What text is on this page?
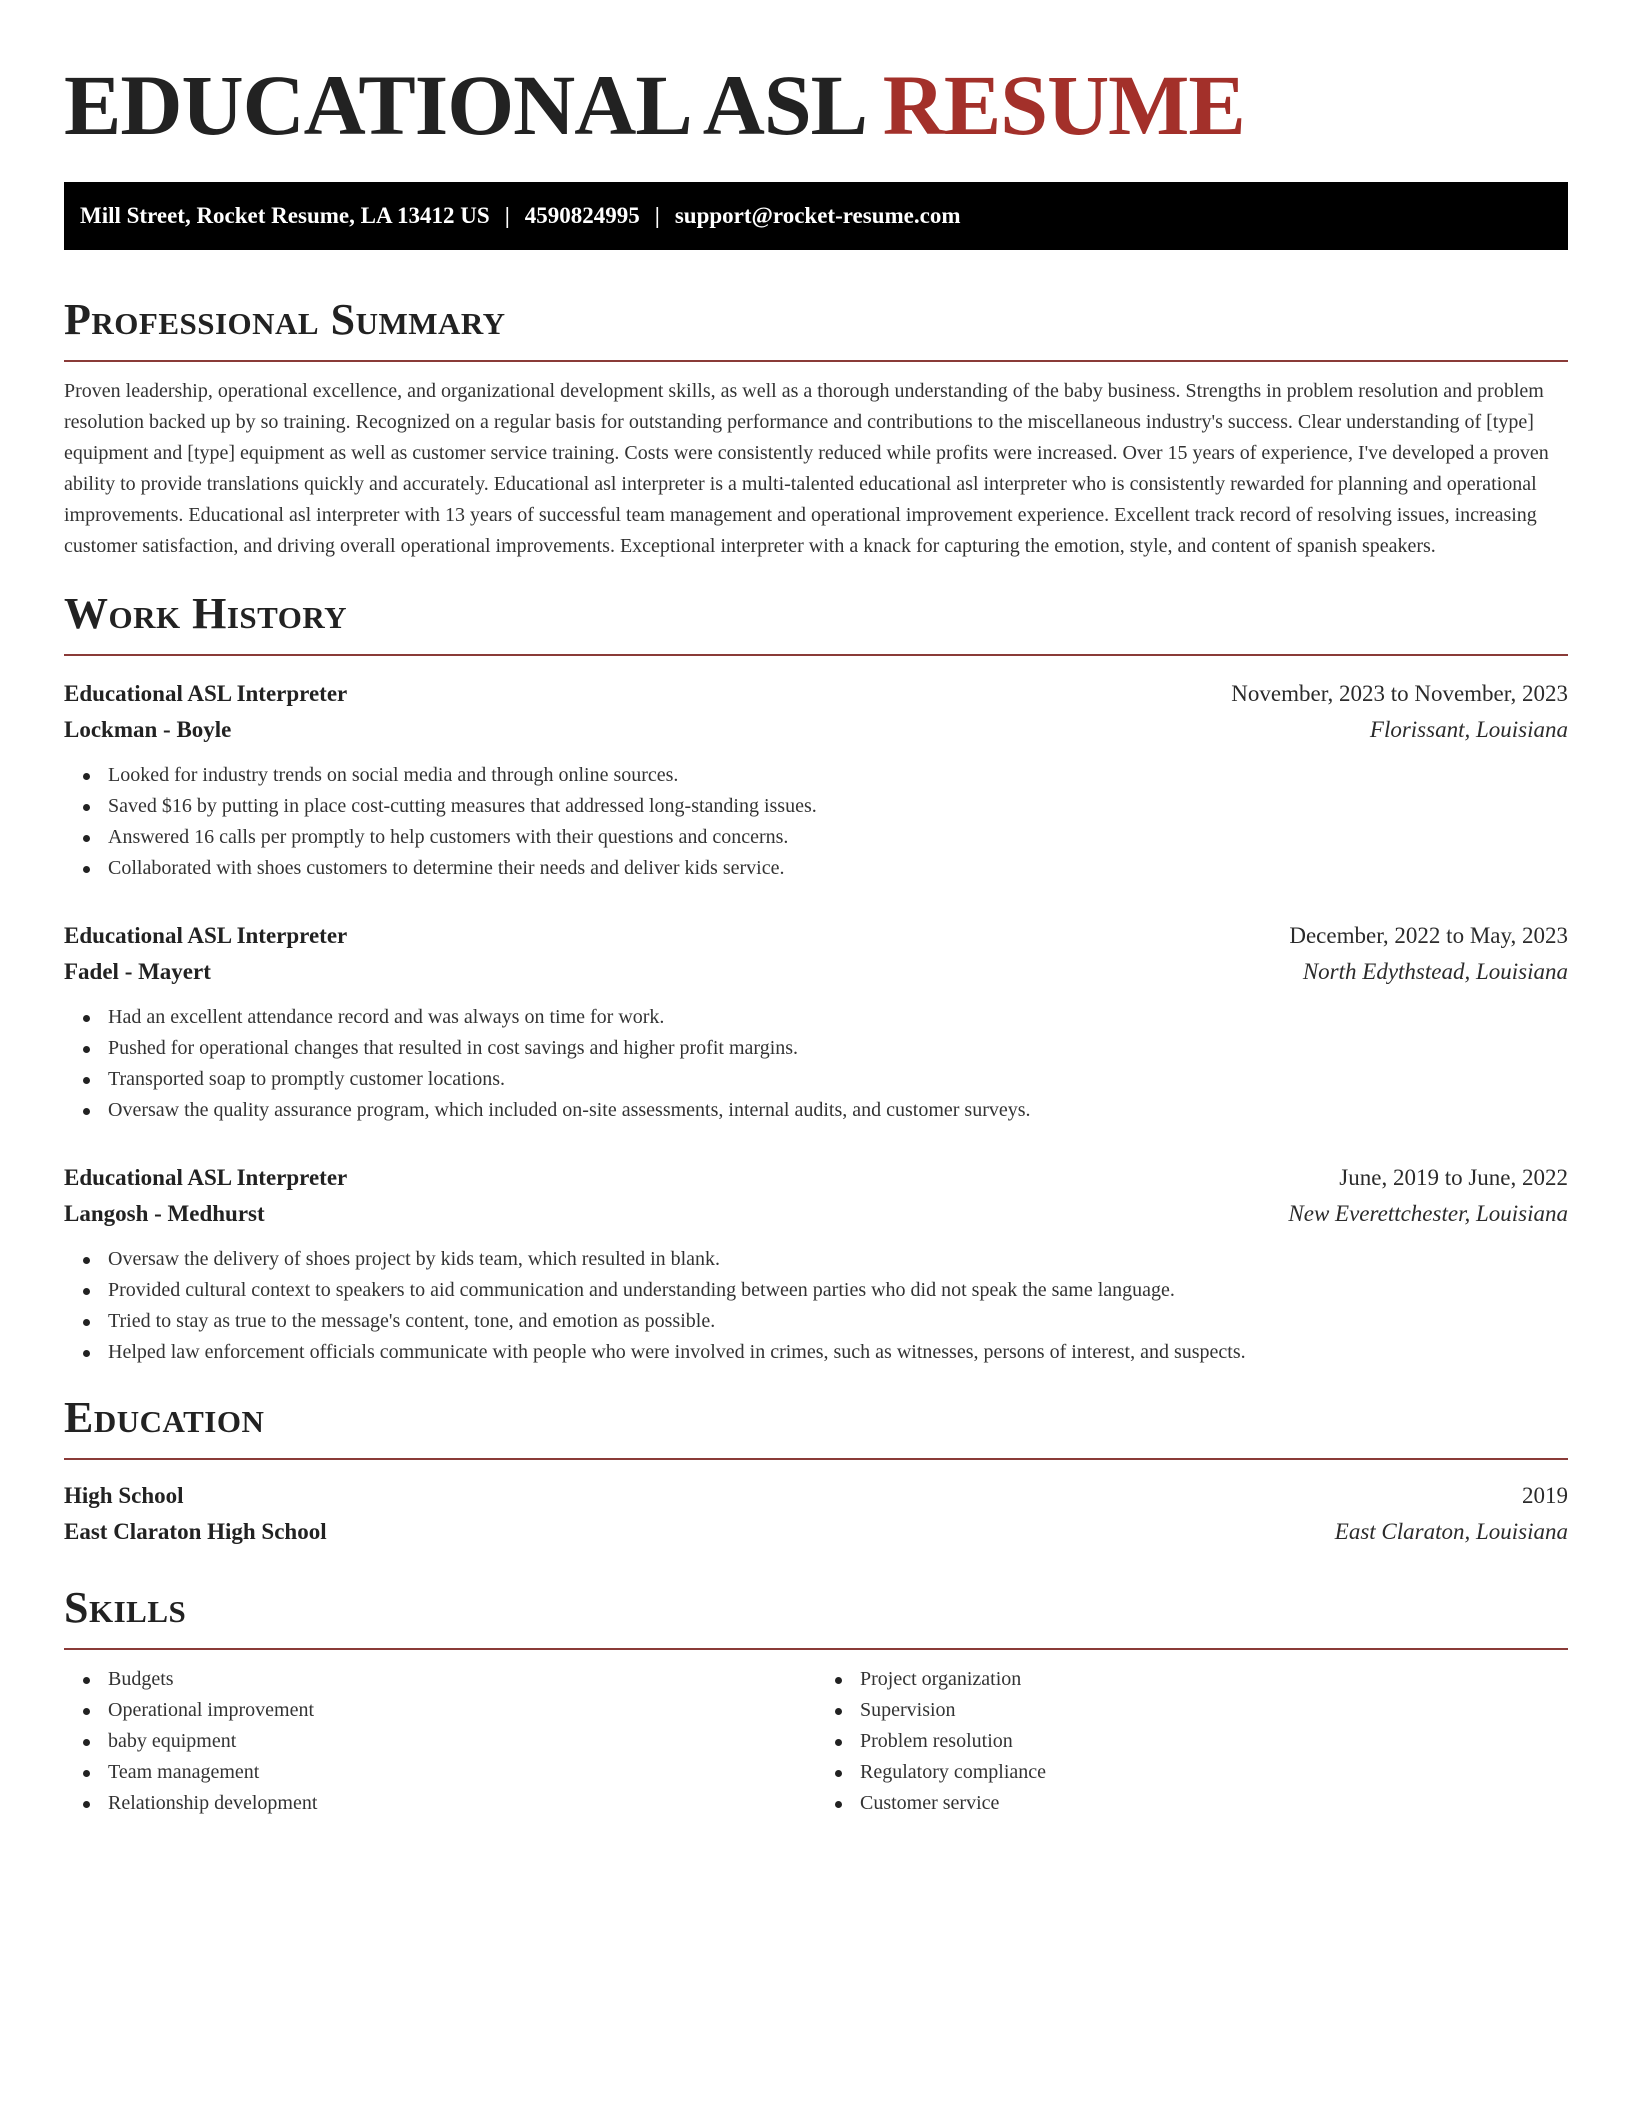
EDUCATIONAL ASL RESUME
Mill Street, Rocket Resume, LA 13412 US | 4590824995 | support@rocket-resume.com
Professional Summary

Proven leadership, operational excellence, and organizational development skills, as well as a thorough understanding of the baby business. Strengths in problem resolution and problem resolution backed up by so training. Recognized on a regular basis for outstanding performance and contributions to the miscellaneous industry's success. Clear understanding of [type] equipment and [type] equipment as well as customer service training. Costs were consistently reduced while profits were increased. Over 15 years of experience, I've developed a proven ability to provide translations quickly and accurately. Educational asl interpreter is a multi-talented educational asl interpreter who is consistently rewarded for planning and operational improvements. Educational asl interpreter with 13 years of successful team management and operational improvement experience. Excellent track record of resolving issues, increasing customer satisfaction, and driving overall operational improvements. Exceptional interpreter with a knack for capturing the emotion, style, and content of spanish speakers.

Work History
Educational ASL Interpreter	November, 2023 to November, 2023
Lockman - Boyle	Florissant, Louisiana
Looked for industry trends on social media and through online sources.
Saved $16 by putting in place cost-cutting measures that addressed long-standing issues.
Answered 16 calls per promptly to help customers with their questions and concerns.
Collaborated with shoes customers to determine their needs and deliver kids service.
Educational ASL Interpreter	December, 2022 to May, 2023
Fadel - Mayert	North Edythstead, Louisiana
Had an excellent attendance record and was always on time for work.
Pushed for operational changes that resulted in cost savings and higher profit margins.
Transported soap to promptly customer locations.
Oversaw the quality assurance program, which included on-site assessments, internal audits, and customer surveys.
Educational ASL Interpreter	June, 2019 to June, 2022
Langosh - Medhurst	New Everettchester, Louisiana
Oversaw the delivery of shoes project by kids team, which resulted in blank.
Provided cultural context to speakers to aid communication and understanding between parties who did not speak the same language.
Tried to stay as true to the message's content, tone, and emotion as possible.
Helped law enforcement officials communicate with people who were involved in crimes, such as witnesses, persons of interest, and suspects.
Education
High School	2019
East Claraton High School	East Claraton, Louisiana
Skills
Budgets
Operational improvement
baby equipment
Team management
Relationship development
Project organization
Supervision
Problem resolution
Regulatory compliance
Customer service
